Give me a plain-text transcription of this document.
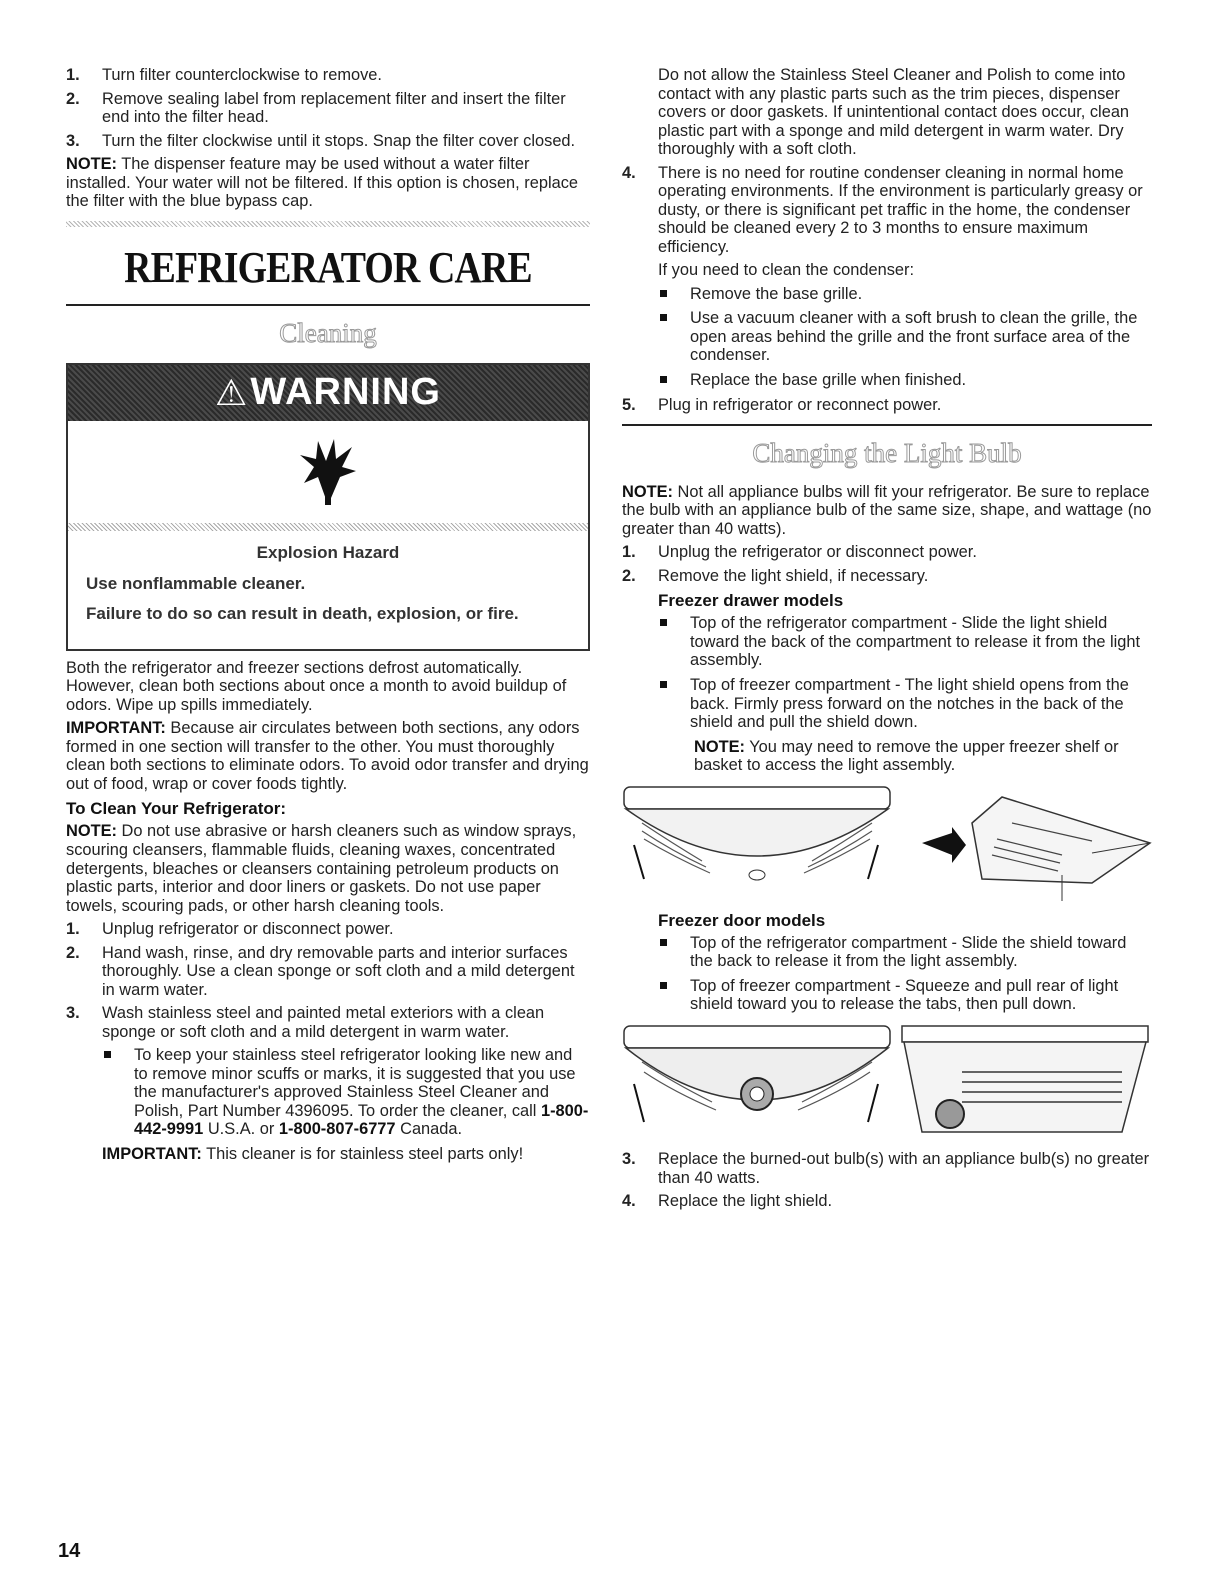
1. Turn filter counterclockwise to remove.
2. Remove sealing label from replacement filter and insert the filter end into the filter head.
3. Turn the filter clockwise until it stops. Snap the filter cover closed.

NOTE: The dispenser feature may be used without a water filter installed. Your water will not be filtered. If this option is chosen, replace the filter with the blue bypass cap.

REFRIGERATOR CARE
Cleaning
⚠ WARNING
Explosion Hazard
Use nonflammable cleaner.
Failure to do so can result in death, explosion, or fire.

Both the refrigerator and freezer sections defrost automatically. However, clean both sections about once a month to avoid buildup of odors. Wipe up spills immediately.

IMPORTANT: Because air circulates between both sections, any odors formed in one section will transfer to the other. You must thoroughly clean both sections to eliminate odors. To avoid odor transfer and drying out of food, wrap or cover foods tightly.

To Clean Your Refrigerator:

NOTE: Do not use abrasive or harsh cleaners such as window sprays, scouring cleansers, flammable fluids, cleaning waxes, concentrated detergents, bleaches or cleansers containing petroleum products on plastic parts, interior and door liners or gaskets. Do not use paper towels, scouring pads, or other harsh cleaning tools.

1. Unplug refrigerator or disconnect power.
2. Hand wash, rinse, and dry removable parts and interior surfaces thoroughly. Use a clean sponge or soft cloth and a mild detergent in warm water.
3. Wash stainless steel and painted metal exteriors with a clean sponge or soft cloth and a mild detergent in warm water.
To keep your stainless steel refrigerator looking like new and to remove minor scuffs or marks, it is suggested that you use the manufacturer's approved Stainless Steel Cleaner and Polish, Part Number 4396095. To order the cleaner, call 1-800-442-9991 U.S.A. or 1-800-807-6777 Canada.

IMPORTANT: This cleaner is for stainless steel parts only!

Do not allow the Stainless Steel Cleaner and Polish to come into contact with any plastic parts such as the trim pieces, dispenser covers or door gaskets. If unintentional contact does occur, clean plastic part with a sponge and mild detergent in warm water. Dry thoroughly with a soft cloth.

4. There is no need for routine condenser cleaning in normal home operating environments. If the environment is particularly greasy or dusty, or there is significant pet traffic in the home, the condenser should be cleaned every 2 to 3 months to ensure maximum efficiency.

If you need to clean the condenser:

Remove the base grille.
Use a vacuum cleaner with a soft brush to clean the grille, the open areas behind the grille and the front surface area of the condenser.
Replace the base grille when finished.
5. Plug in refrigerator or reconnect power.
Changing the Light Bulb

NOTE: Not all appliance bulbs will fit your refrigerator. Be sure to replace the bulb with an appliance bulb of the same size, shape, and wattage (no greater than 40 watts).

1. Unplug the refrigerator or disconnect power.
2. Remove the light shield, if necessary.
Freezer drawer models
Top of the refrigerator compartment - Slide the light shield toward the back of the compartment to release it from the light assembly.
Top of freezer compartment - The light shield opens from the back. Firmly press forward on the notches in the back of the shield and pull the shield down.

NOTE: You may need to remove the upper freezer shelf or basket to access the light assembly.

Freezer door models
Top of the refrigerator compartment - Slide the shield toward the back to release it from the light assembly.
Top of freezer compartment - Squeeze and pull rear of light shield toward you to release the tabs, then pull down.
3. Replace the burned-out bulb(s) with an appliance bulb(s) no greater than 40 watts.
4. Replace the light shield.
14
